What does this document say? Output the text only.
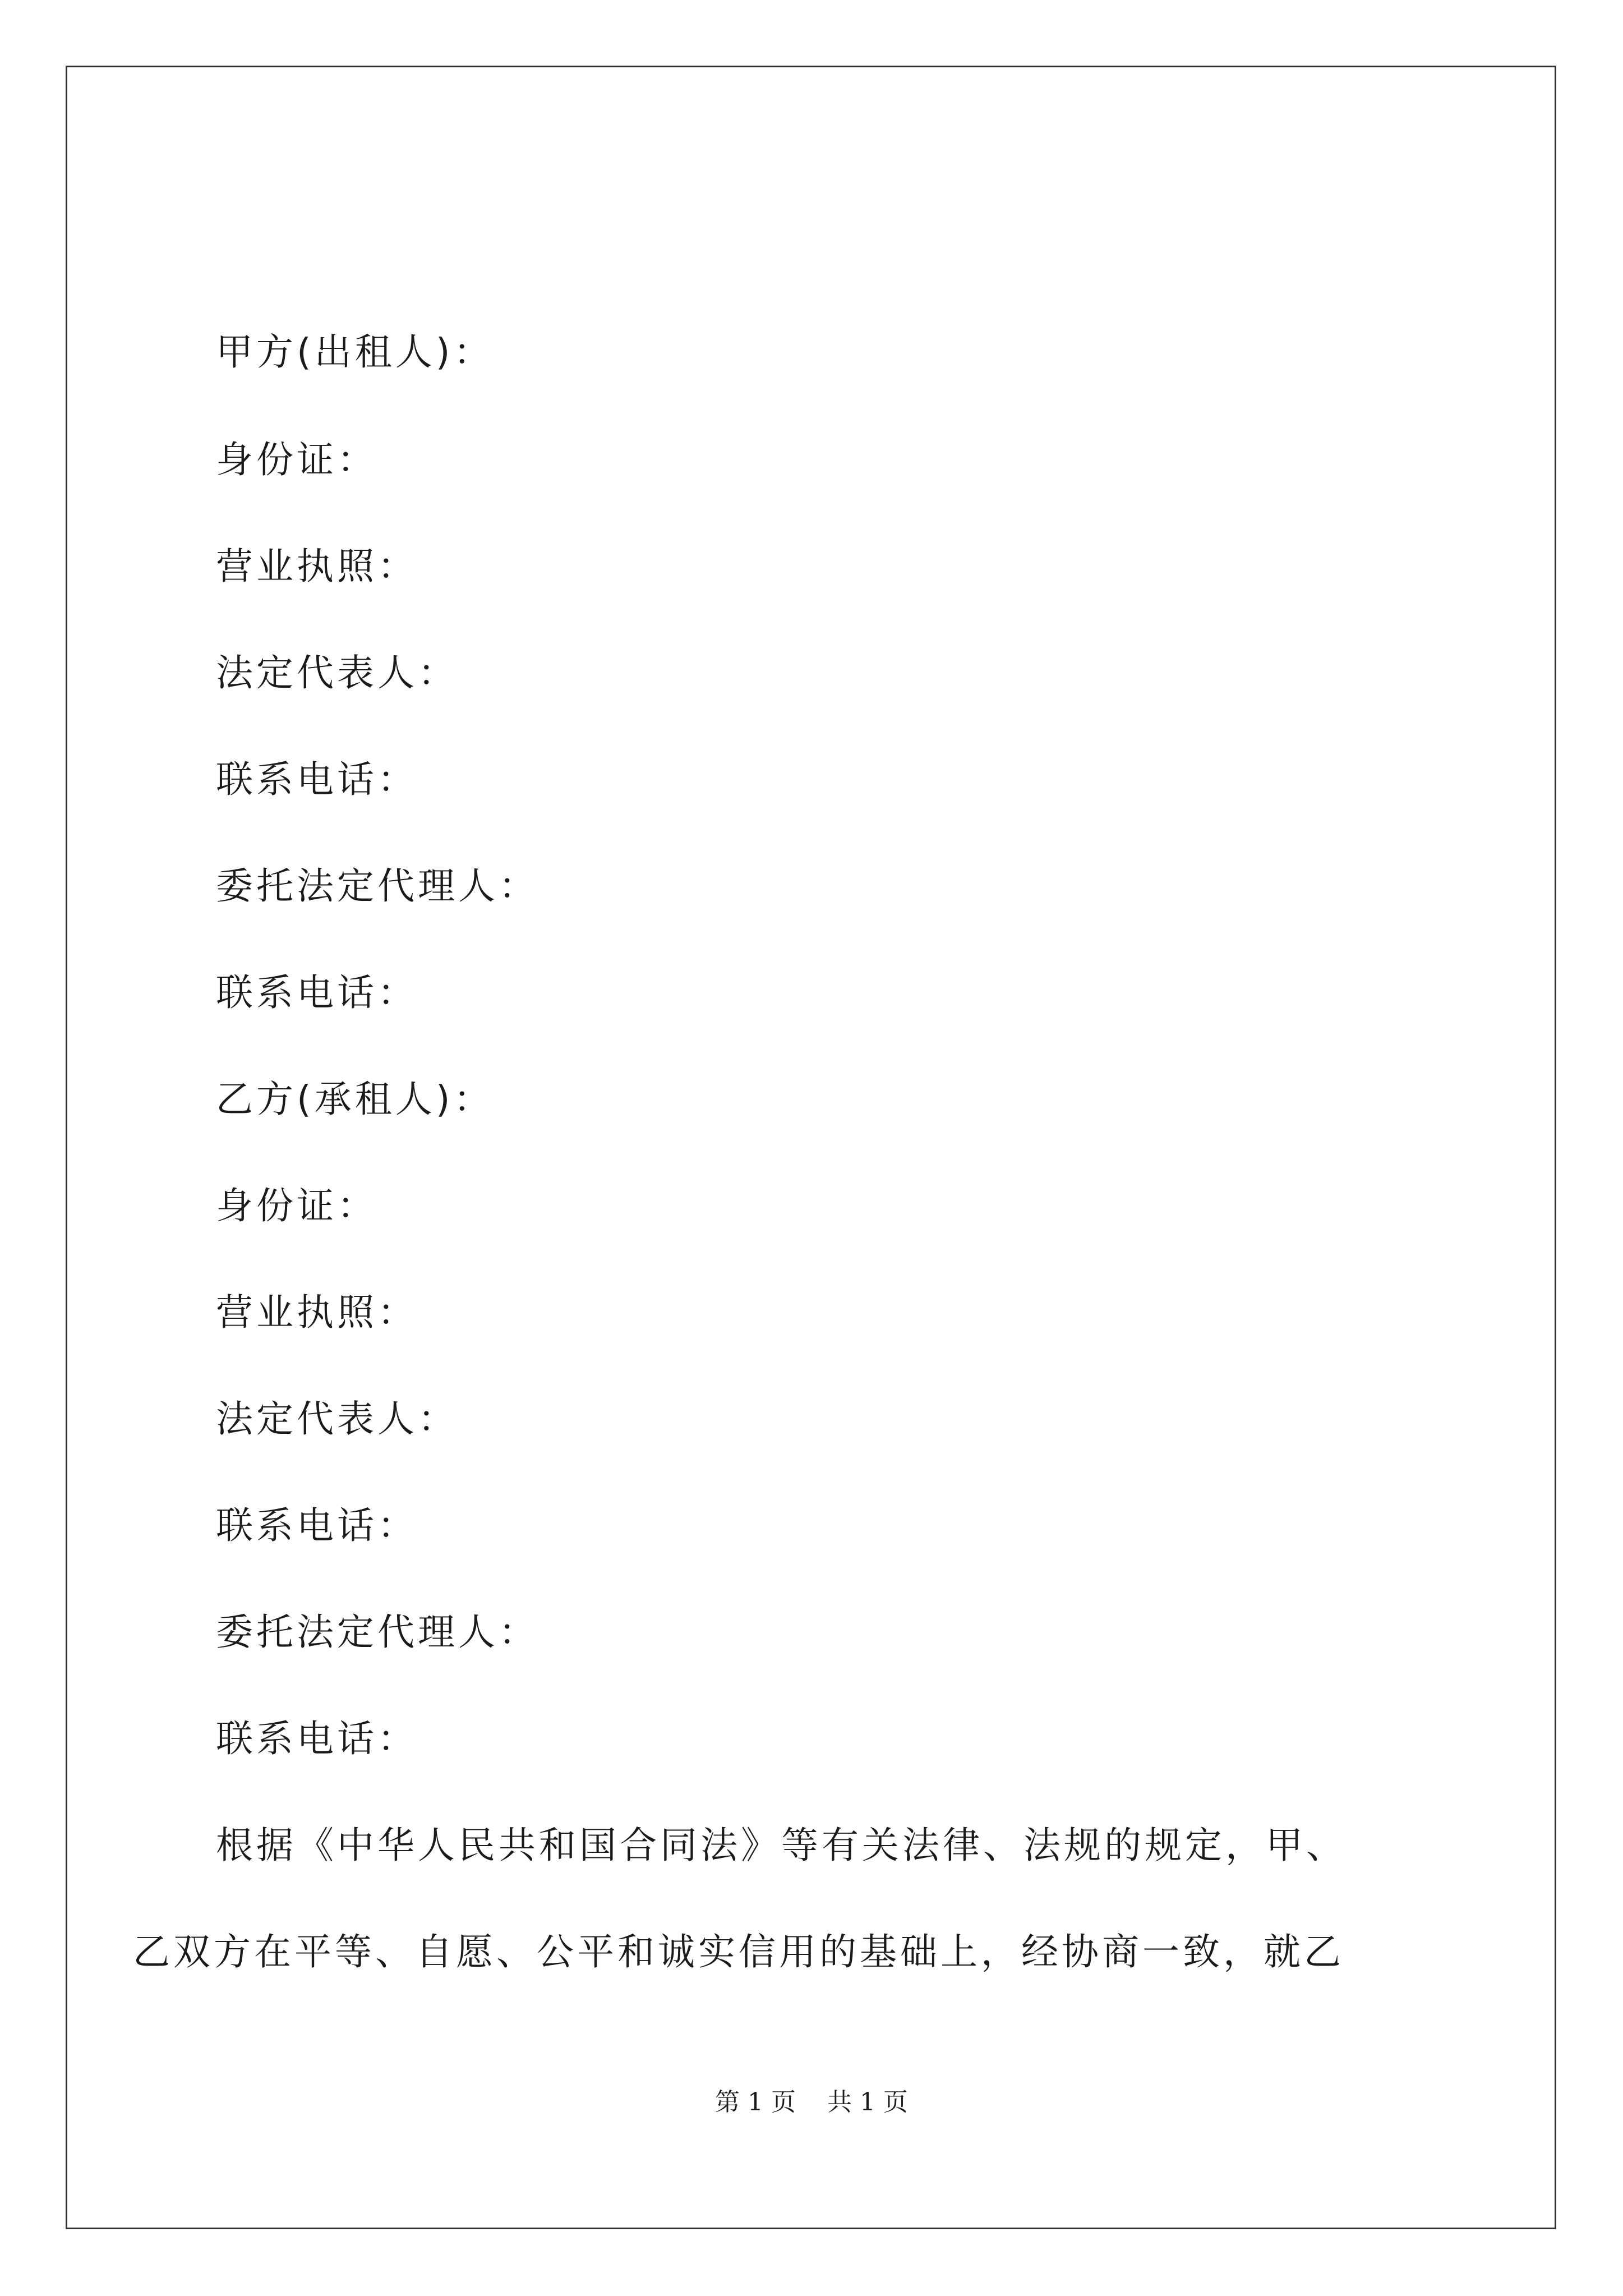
甲方(出租人)：
身份证：
营业执照：
法定代表人：
联系电话：
委托法定代理人：
联系电话：
乙方(承租人)：
身份证：
营业执照：
法定代表人：
联系电话：
委托法定代理人：
联系电话：
根据《中华人民共和国合同法》等有关法律、法规的规定，甲、
乙双方在平等、自愿、公平和诚实信用的基础上，经协商一致，就乙
第 1 页 共 1 页
